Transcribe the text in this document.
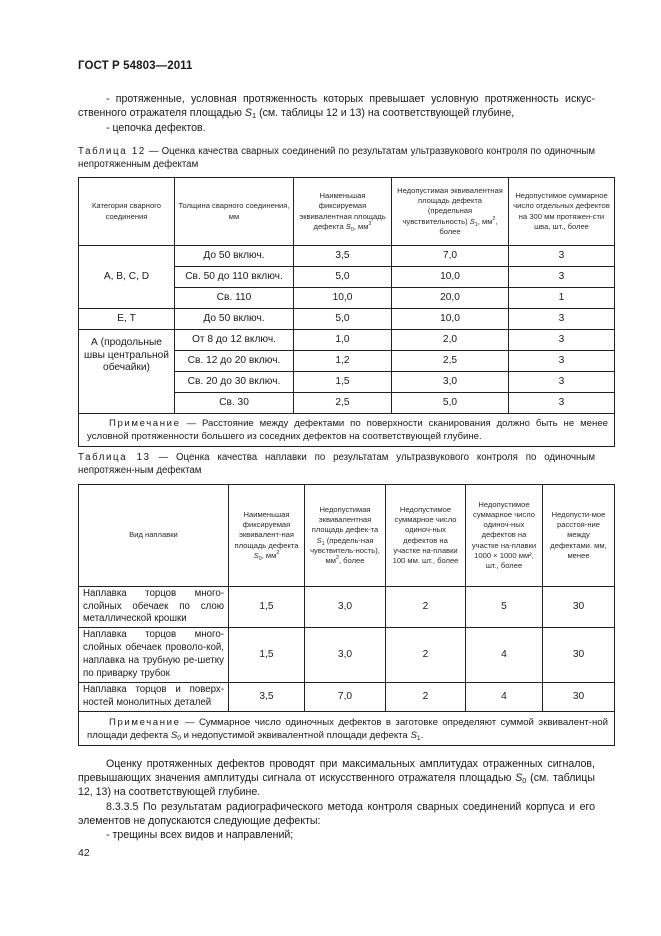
ГОСТ Р 54803—2011
- протяженные, условная протяженность которых превышает условную протяженность искус-ственного отражателя площадью $S_1$ (см. таблицы 12 и 13) на соответствующей глубине,
- цепочка дефектов.
Таблица 12 — Оценка качества сварных соединений по результатам ультразвукового контроля по одиночным непротяженным дефектам
Категория сварного соединения	Толщина сварного соединения, мм	Наименьшая фиксируемая эквивалентная площадь дефекта $S_0$, $мм^2$	Недопустимая эквивалентная площадь дефекта (предельная чувствительность) $S_1$, $мм^2$, более	Недопустимое суммарное число отдельных дефектов на 300 мм протяжен-сти шва, шт., более
А, В, С, D	До 50 включ.	3,5	7,0	3
	Св. 50 до 110 включ.	5,0	10,0	3
	Св. 110	10,0	20,0	1
Е, Т	До 50 включ.	5,0	10,0	3
А (продольные швы центральной обечайки)	От 8 до 12 включ.	1,0	2,0	3
	Св. 12 до 20 включ.	1,2	2,5	3
	Св. 20 до 30 включ.	1,5	3,0	3
	Св. 30	2,5	5,0	3
Примечание — Расстояние между дефектами по поверхности сканирования должно быть не менее условной протяженности большего из соседних дефектов на соответствующей глубине.				
Таблица 13 — Оценка качества наплавки по результатам ультразвукового контроля по одиночным непротяжен-ным дефектам
Вид наплавки	Наименьшая фиксируемая эквивалент-ная площадь дефекта $S_0$, $мм^2$	Недопустимая эквивалентная площадь дефек-та $S_1$ (предель-ная чувствитель-ность), $мм^2$, более	Недопустимое суммарное число одиноч-ных дефектов на участке на-плавки 100 мм. шт., более	Недопустимое суммарное число одиноч-ных дефектов на участке на-плавки 1000 × 1000 мм², шт., более	Недопусти-мое расстоя-ние между дефектами. мм, менее
Наплавка торцов много-слойных обечаек по слою металлической крошки	1,5	3,0	2	5	30
Наплавка торцов много-слойных обечаек проволо-кой, наплавка на трубную ре-шетку по приварку трубок	1,5	3,0	2	4	30
Наплавка торцов и поверх-ностей монолитных деталей	3,5	7,0	2	4	30
Примечание — Суммарное число одиночных дефектов в заготовке определяют суммой эквивалент-ной площади дефекта $S_0$ и недопустимой эквивалентной площади дефекта $S_1$.					
Оценку протяженных дефектов проводят при максимальных амплитудах отраженных сигналов, превышающих значения амплитуды сигнала от искусственного отражателя площадью $S_0$ (см. таблицы 12, 13) на соответствующей глубине.
8.3.3.5 По результатам радиографического метода контроля сварных соединений корпуса и его элементов не допускаются следующие дефекты:
- трещины всех видов и направлений;
42
